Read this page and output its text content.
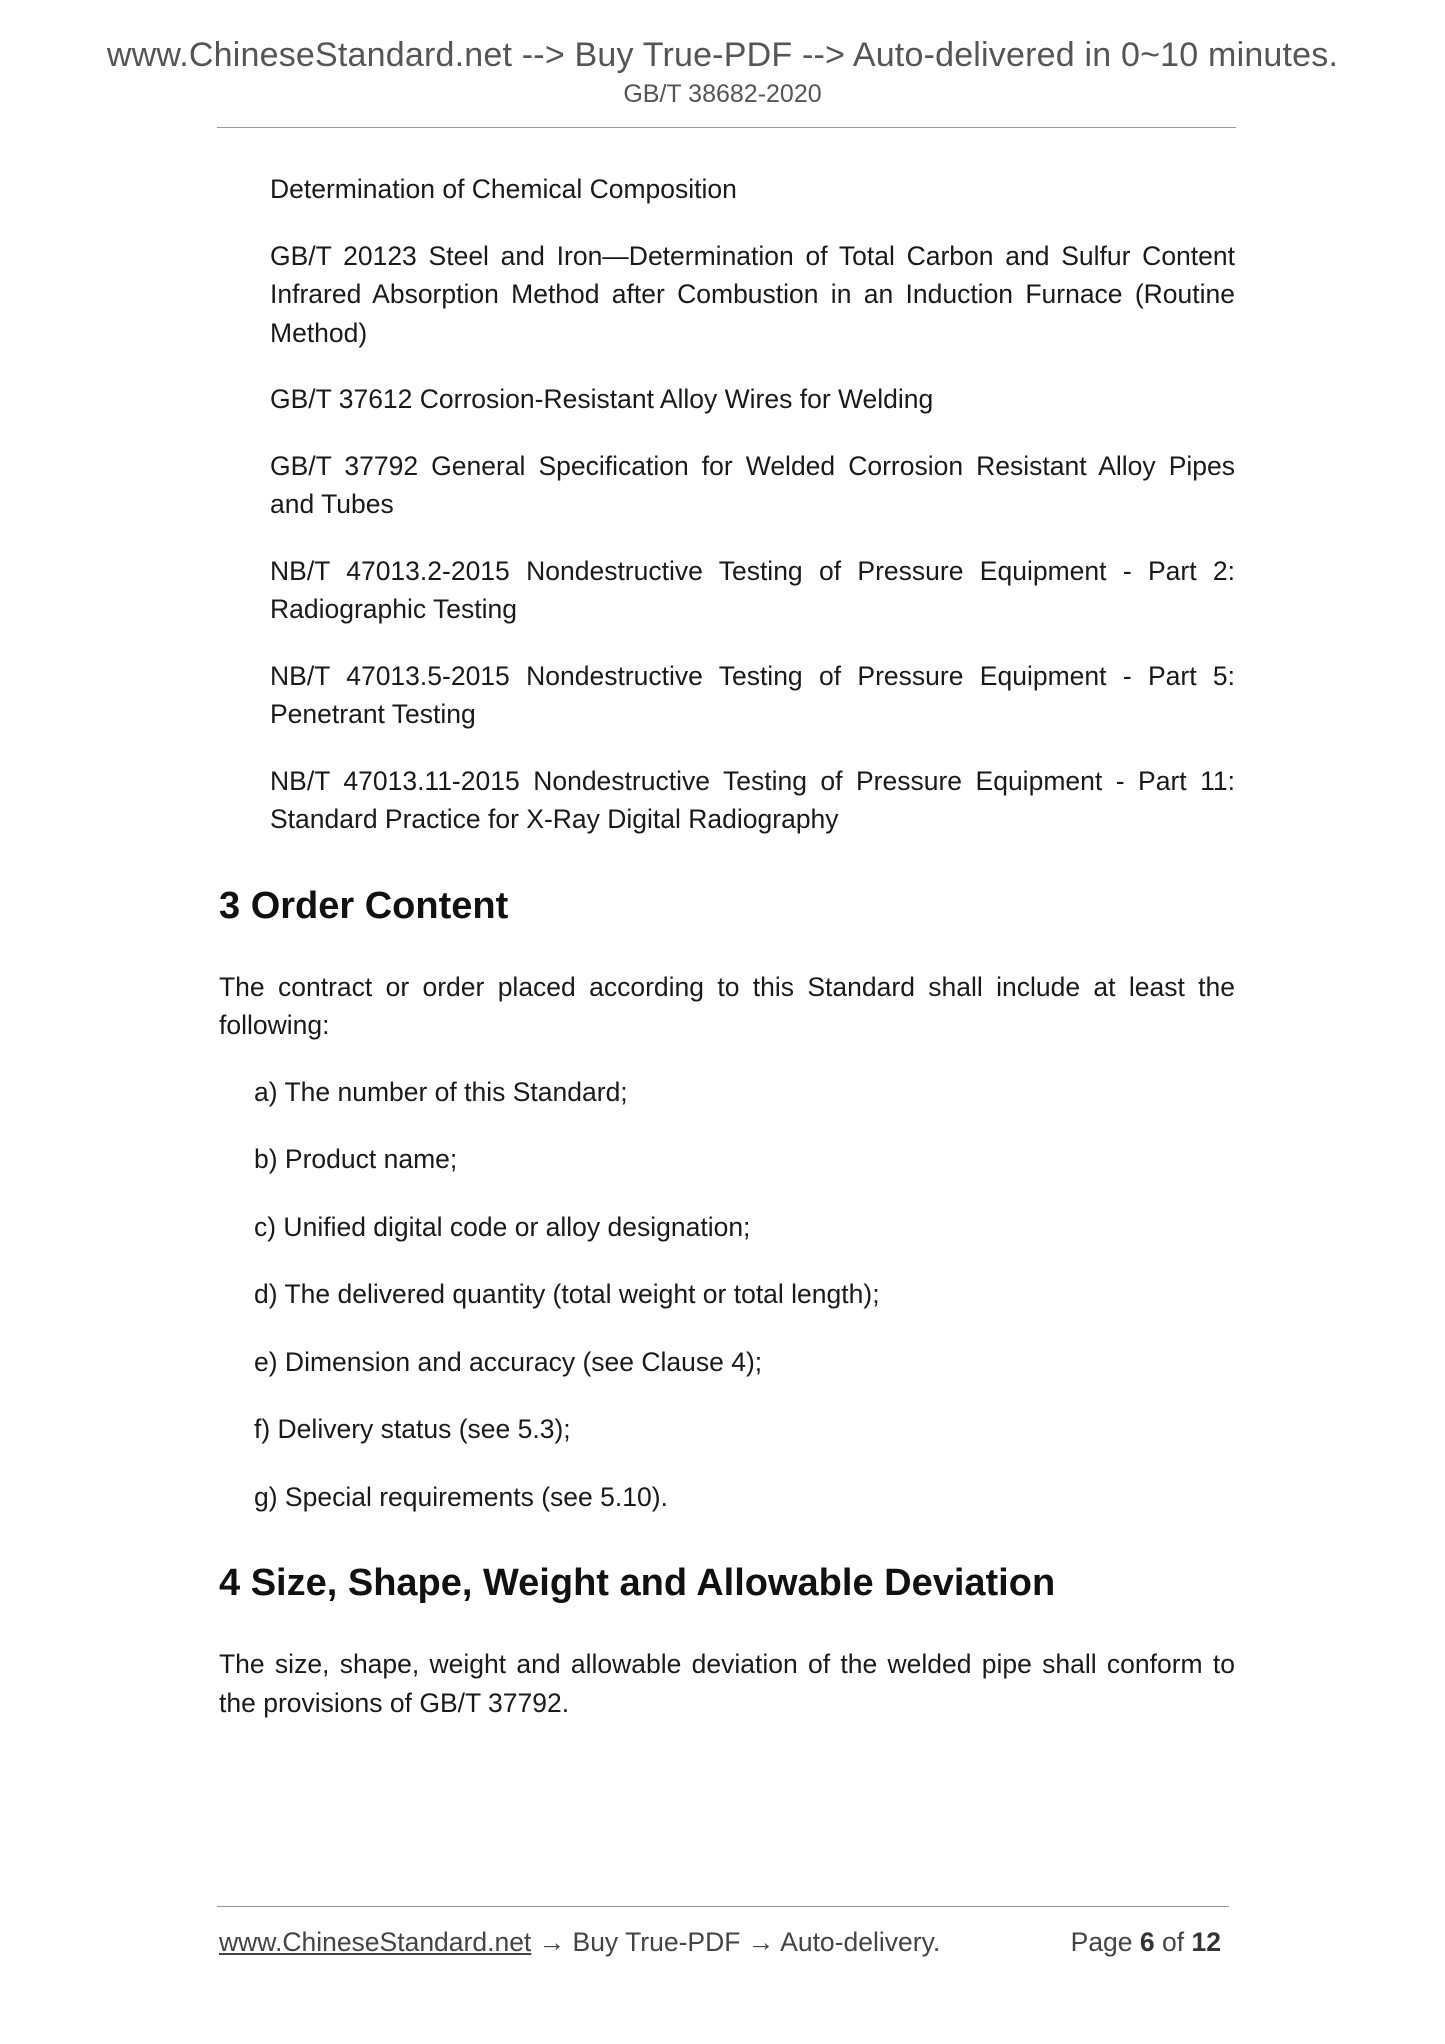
www.ChineseStandard.net --> Buy True-PDF --> Auto-delivered in 0~10 minutes.
GB/T 38682-2020

Determination of Chemical Composition

GB/T 20123 Steel and Iron—Determination of Total Carbon and Sulfur Content Infrared Absorption Method after Combustion in an Induction Furnace (Routine Method)

GB/T 37612 Corrosion-Resistant Alloy Wires for Welding

GB/T 37792 General Specification for Welded Corrosion Resistant Alloy Pipes and Tubes

NB/T 47013.2-2015 Nondestructive Testing of Pressure Equipment - Part 2: Radiographic Testing

NB/T 47013.5-2015 Nondestructive Testing of Pressure Equipment - Part 5: Penetrant Testing

NB/T 47013.11-2015 Nondestructive Testing of Pressure Equipment - Part 11: Standard Practice for X-Ray Digital Radiography

3 Order Content

The contract or order placed according to this Standard shall include at least the following:

a) The number of this Standard;

b) Product name;

c) Unified digital code or alloy designation;

d) The delivered quantity (total weight or total length);

e) Dimension and accuracy (see Clause 4);

f) Delivery status (see 5.3);

g) Special requirements (see 5.10).

4 Size, Shape, Weight and Allowable Deviation

The size, shape, weight and allowable deviation of the welded pipe shall conform to the provisions of GB/T 37792.

www.ChineseStandard.net → Buy True-PDF → Auto-delivery.	Page 6 of 12
